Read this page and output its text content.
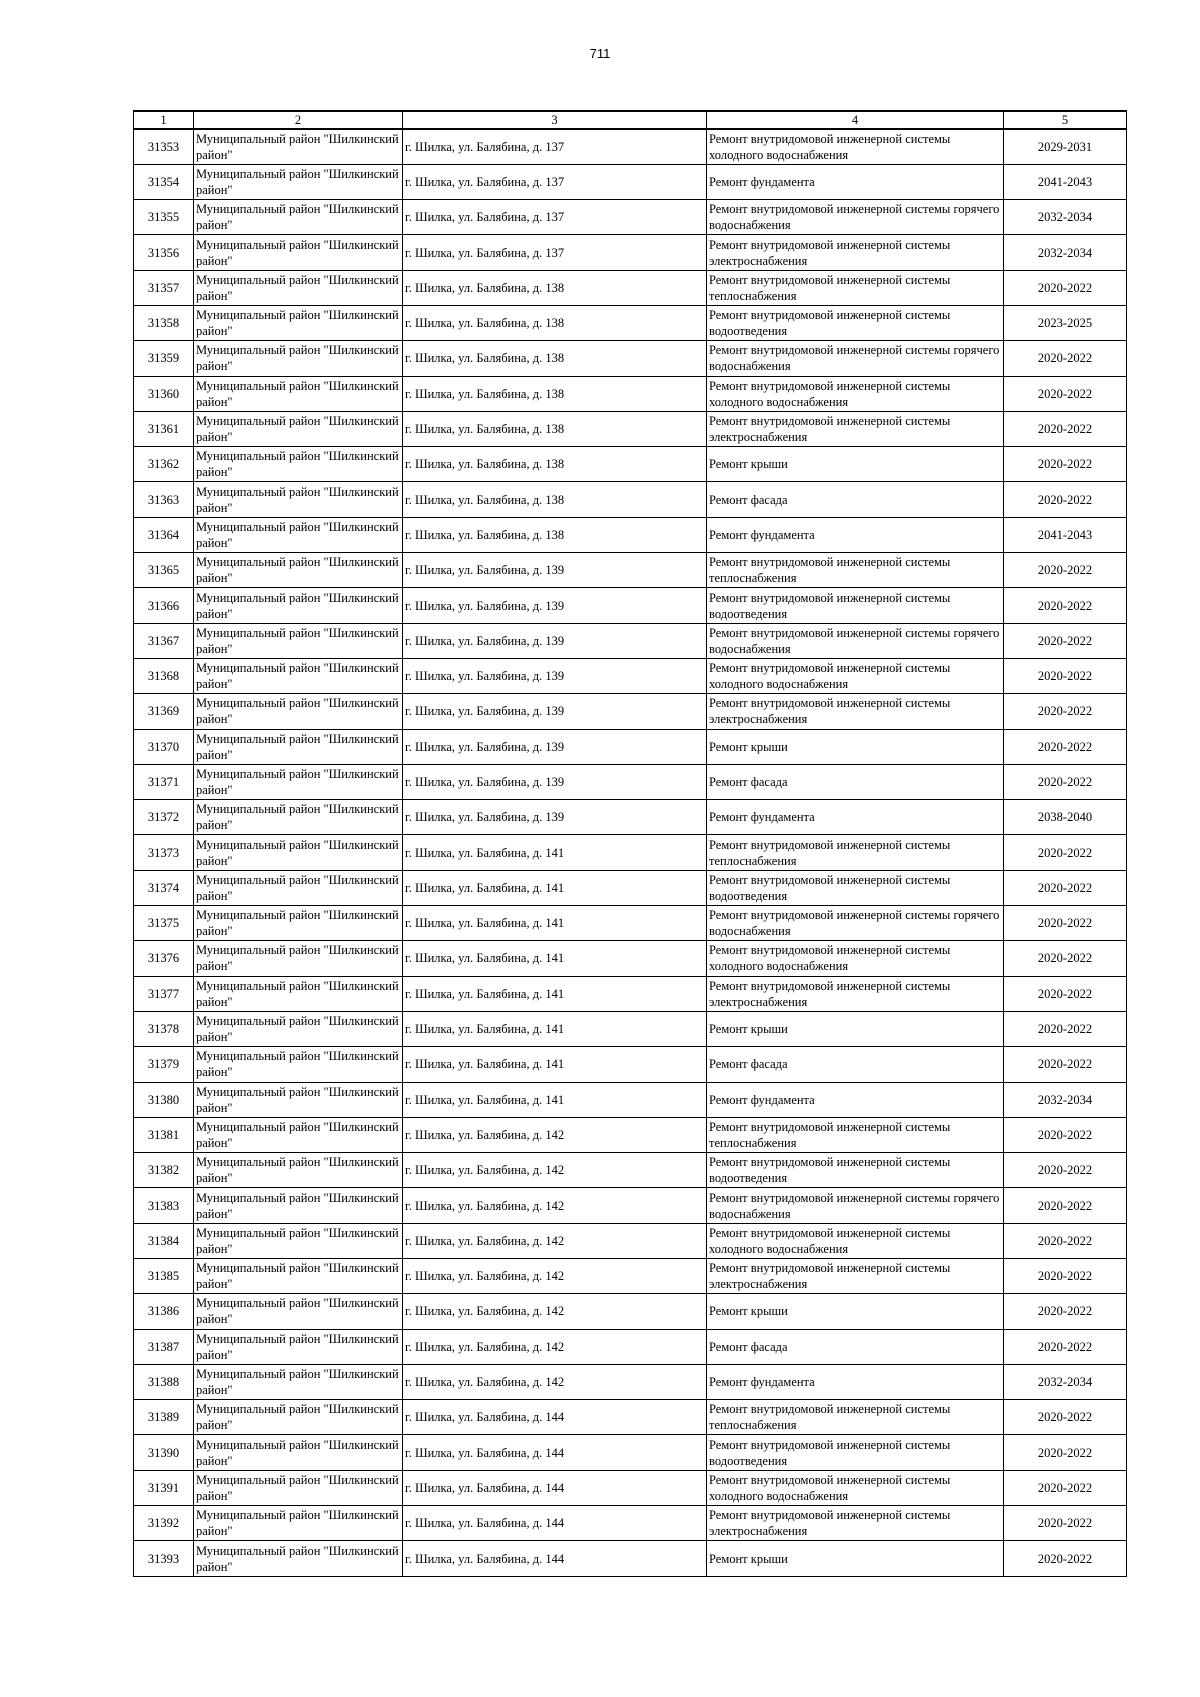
711
1	2	3	4	5
31353	Муниципальный район "Шилкинский район"	г. Шилка, ул. Балябина, д. 137	Ремонт внутридомовой инженерной системы холодного водоснабжения	2029-2031
31354	Муниципальный район "Шилкинский район"	г. Шилка, ул. Балябина, д. 137	Ремонт фундамента	2041-2043
31355	Муниципальный район "Шилкинский район"	г. Шилка, ул. Балябина, д. 137	Ремонт внутридомовой инженерной системы горячего водоснабжения	2032-2034
31356	Муниципальный район "Шилкинский район"	г. Шилка, ул. Балябина, д. 137	Ремонт внутридомовой инженерной системы электроснабжения	2032-2034
31357	Муниципальный район "Шилкинский район"	г. Шилка, ул. Балябина, д. 138	Ремонт внутридомовой инженерной системы теплоснабжения	2020-2022
31358	Муниципальный район "Шилкинский район"	г. Шилка, ул. Балябина, д. 138	Ремонт внутридомовой инженерной системы водоотведения	2023-2025
31359	Муниципальный район "Шилкинский район"	г. Шилка, ул. Балябина, д. 138	Ремонт внутридомовой инженерной системы горячего водоснабжения	2020-2022
31360	Муниципальный район "Шилкинский район"	г. Шилка, ул. Балябина, д. 138	Ремонт внутридомовой инженерной системы холодного водоснабжения	2020-2022
31361	Муниципальный район "Шилкинский район"	г. Шилка, ул. Балябина, д. 138	Ремонт внутридомовой инженерной системы электроснабжения	2020-2022
31362	Муниципальный район "Шилкинский район"	г. Шилка, ул. Балябина, д. 138	Ремонт крыши	2020-2022
31363	Муниципальный район "Шилкинский район"	г. Шилка, ул. Балябина, д. 138	Ремонт фасада	2020-2022
31364	Муниципальный район "Шилкинский район"	г. Шилка, ул. Балябина, д. 138	Ремонт фундамента	2041-2043
31365	Муниципальный район "Шилкинский район"	г. Шилка, ул. Балябина, д. 139	Ремонт внутридомовой инженерной системы теплоснабжения	2020-2022
31366	Муниципальный район "Шилкинский район"	г. Шилка, ул. Балябина, д. 139	Ремонт внутридомовой инженерной системы водоотведения	2020-2022
31367	Муниципальный район "Шилкинский район"	г. Шилка, ул. Балябина, д. 139	Ремонт внутридомовой инженерной системы горячего водоснабжения	2020-2022
31368	Муниципальный район "Шилкинский район"	г. Шилка, ул. Балябина, д. 139	Ремонт внутридомовой инженерной системы холодного водоснабжения	2020-2022
31369	Муниципальный район "Шилкинский район"	г. Шилка, ул. Балябина, д. 139	Ремонт внутридомовой инженерной системы электроснабжения	2020-2022
31370	Муниципальный район "Шилкинский район"	г. Шилка, ул. Балябина, д. 139	Ремонт крыши	2020-2022
31371	Муниципальный район "Шилкинский район"	г. Шилка, ул. Балябина, д. 139	Ремонт фасада	2020-2022
31372	Муниципальный район "Шилкинский район"	г. Шилка, ул. Балябина, д. 139	Ремонт фундамента	2038-2040
31373	Муниципальный район "Шилкинский район"	г. Шилка, ул. Балябина, д. 141	Ремонт внутридомовой инженерной системы теплоснабжения	2020-2022
31374	Муниципальный район "Шилкинский район"	г. Шилка, ул. Балябина, д. 141	Ремонт внутридомовой инженерной системы водоотведения	2020-2022
31375	Муниципальный район "Шилкинский район"	г. Шилка, ул. Балябина, д. 141	Ремонт внутридомовой инженерной системы горячего водоснабжения	2020-2022
31376	Муниципальный район "Шилкинский район"	г. Шилка, ул. Балябина, д. 141	Ремонт внутридомовой инженерной системы холодного водоснабжения	2020-2022
31377	Муниципальный район "Шилкинский район"	г. Шилка, ул. Балябина, д. 141	Ремонт внутридомовой инженерной системы электроснабжения	2020-2022
31378	Муниципальный район "Шилкинский район"	г. Шилка, ул. Балябина, д. 141	Ремонт крыши	2020-2022
31379	Муниципальный район "Шилкинский район"	г. Шилка, ул. Балябина, д. 141	Ремонт фасада	2020-2022
31380	Муниципальный район "Шилкинский район"	г. Шилка, ул. Балябина, д. 141	Ремонт фундамента	2032-2034
31381	Муниципальный район "Шилкинский район"	г. Шилка, ул. Балябина, д. 142	Ремонт внутридомовой инженерной системы теплоснабжения	2020-2022
31382	Муниципальный район "Шилкинский район"	г. Шилка, ул. Балябина, д. 142	Ремонт внутридомовой инженерной системы водоотведения	2020-2022
31383	Муниципальный район "Шилкинский район"	г. Шилка, ул. Балябина, д. 142	Ремонт внутридомовой инженерной системы горячего водоснабжения	2020-2022
31384	Муниципальный район "Шилкинский район"	г. Шилка, ул. Балябина, д. 142	Ремонт внутридомовой инженерной системы холодного водоснабжения	2020-2022
31385	Муниципальный район "Шилкинский район"	г. Шилка, ул. Балябина, д. 142	Ремонт внутридомовой инженерной системы электроснабжения	2020-2022
31386	Муниципальный район "Шилкинский район"	г. Шилка, ул. Балябина, д. 142	Ремонт крыши	2020-2022
31387	Муниципальный район "Шилкинский район"	г. Шилка, ул. Балябина, д. 142	Ремонт фасада	2020-2022
31388	Муниципальный район "Шилкинский район"	г. Шилка, ул. Балябина, д. 142	Ремонт фундамента	2032-2034
31389	Муниципальный район "Шилкинский район"	г. Шилка, ул. Балябина, д. 144	Ремонт внутридомовой инженерной системы теплоснабжения	2020-2022
31390	Муниципальный район "Шилкинский район"	г. Шилка, ул. Балябина, д. 144	Ремонт внутридомовой инженерной системы водоотведения	2020-2022
31391	Муниципальный район "Шилкинский район"	г. Шилка, ул. Балябина, д. 144	Ремонт внутридомовой инженерной системы холодного водоснабжения	2020-2022
31392	Муниципальный район "Шилкинский район"	г. Шилка, ул. Балябина, д. 144	Ремонт внутридомовой инженерной системы электроснабжения	2020-2022
31393	Муниципальный район "Шилкинский район"	г. Шилка, ул. Балябина, д. 144	Ремонт крыши	2020-2022
